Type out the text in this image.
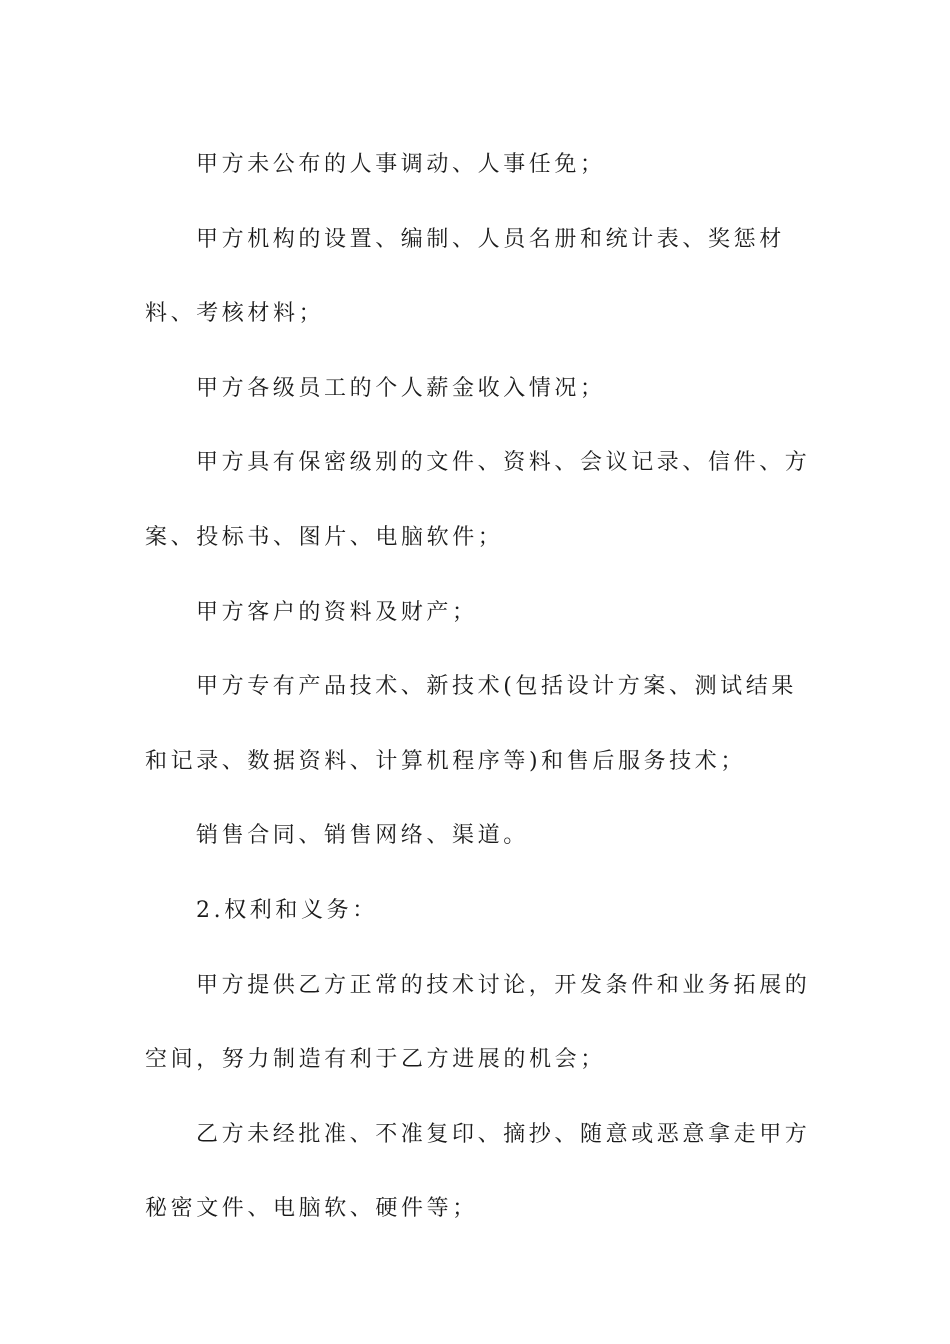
甲方未公布的人事调动、人事任免；

甲方机构的设置、编制、人员名册和统计表、奖惩材料、考核材料；

甲方各级员工的个人薪金收入情况；

甲方具有保密级别的文件、资料、会议记录、信件、方案、投标书、图片、电脑软件；

甲方客户的资料及财产；

甲方专有产品技术、新技术(包括设计方案、测试结果和记录、数据资料、计算机程序等)和售后服务技术；

销售合同、销售网络、渠道。

2.权利和义务：

甲方提供乙方正常的技术讨论，开发条件和业务拓展的空间，努力制造有利于乙方进展的机会；

乙方未经批准、不准复印、摘抄、随意或恶意拿走甲方秘密文件、电脑软、硬件等；
